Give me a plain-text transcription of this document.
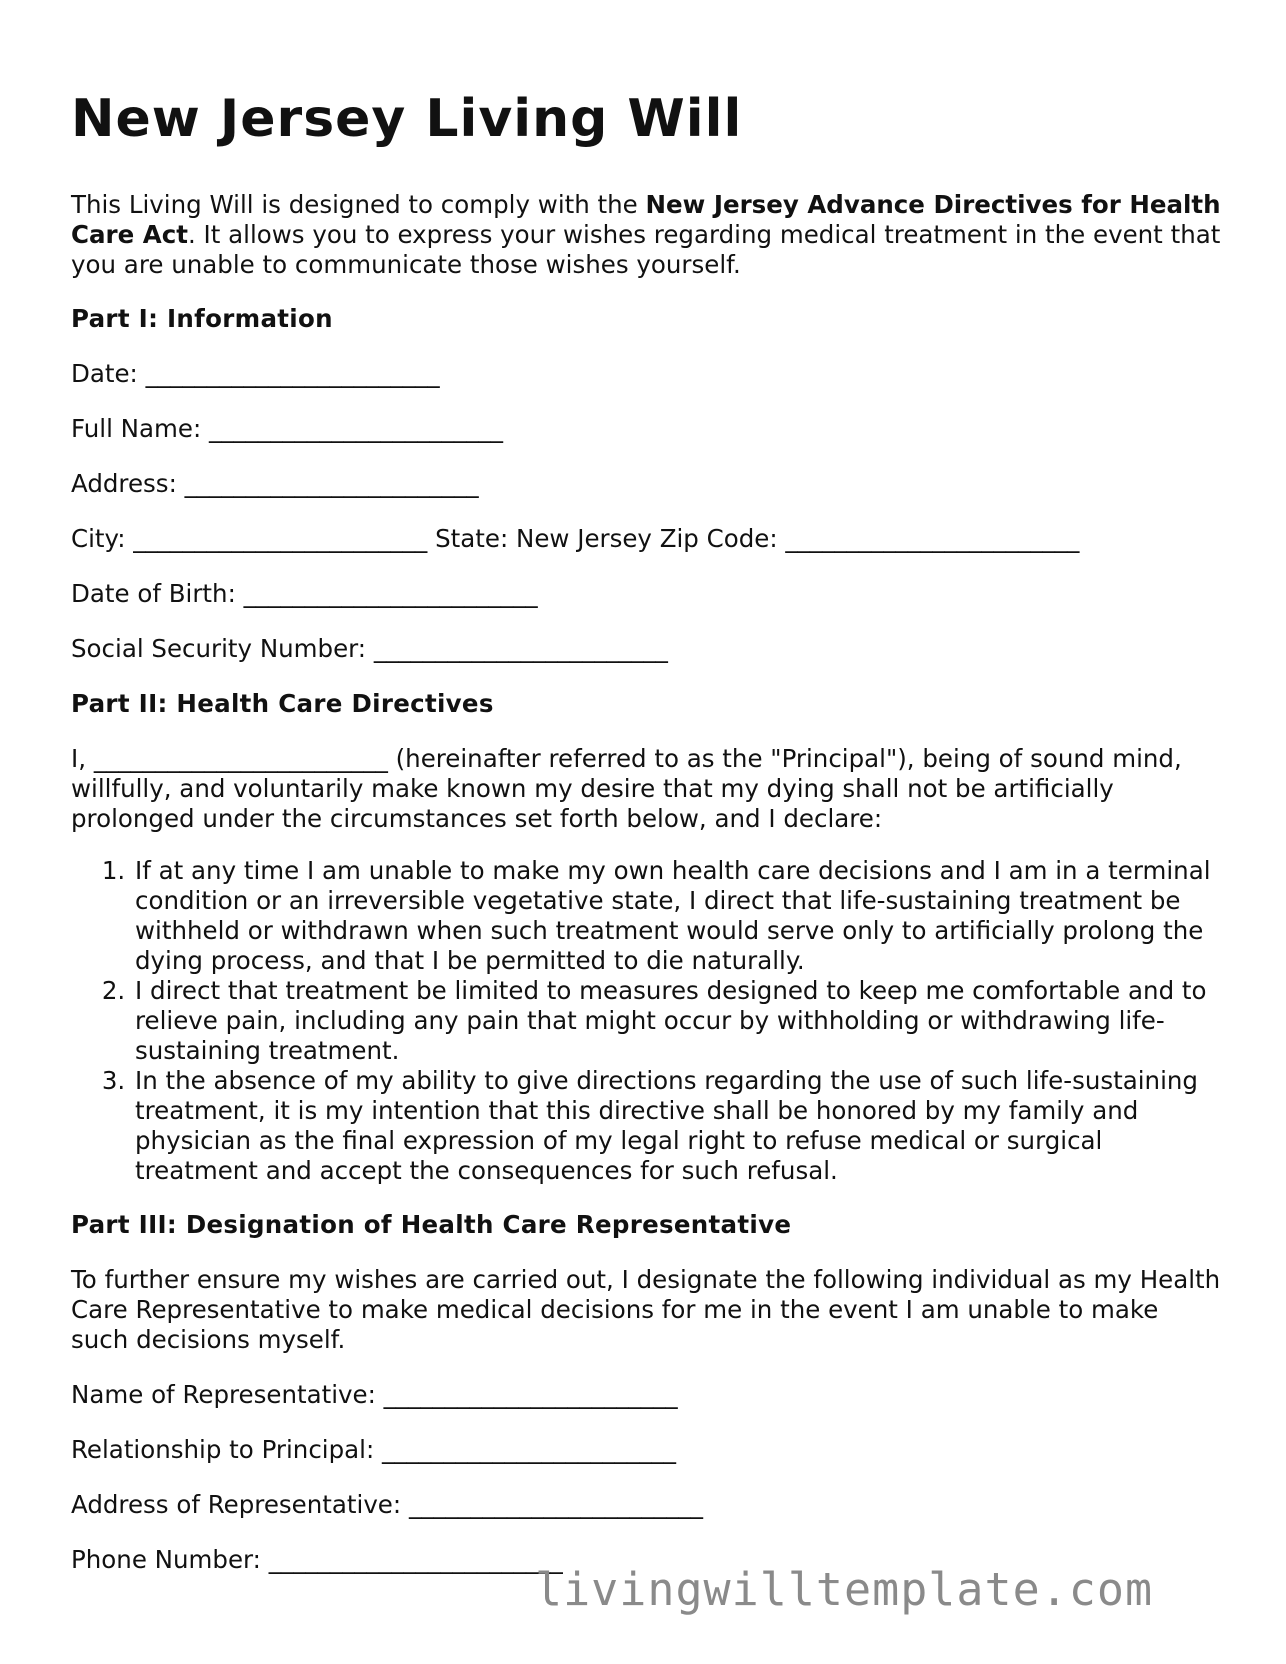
New Jersey Living Will

This Living Will is designed to comply with the New Jersey Advance Directives for Health Care Act. It allows you to express your wishes regarding medical treatment in the event that you are unable to communicate those wishes yourself.

Part I: Information
Date: ________________________
Full Name: ________________________
Address: ________________________
City: ________________________ State: New Jersey Zip Code: ________________________
Date of Birth: ________________________
Social Security Number: ________________________
Part II: Health Care Directives

I, ________________________ (hereinafter referred to as the "Principal"), being of sound mind, willfully, and voluntarily make known my desire that my dying shall not be artificially prolonged under the circumstances set forth below, and I declare:

1. If at any time I am unable to make my own health care decisions and I am in a terminal condition or an irreversible vegetative state, I direct that life-sustaining treatment be withheld or withdrawn when such treatment would serve only to artificially prolong the dying process, and that I be permitted to die naturally.
2. I direct that treatment be limited to measures designed to keep me comfortable and to relieve pain, including any pain that might occur by withholding or withdrawing life-sustaining treatment.
3. In the absence of my ability to give directions regarding the use of such life-sustaining treatment, it is my intention that this directive shall be honored by my family and physician as the final expression of my legal right to refuse medical or surgical treatment and accept the consequences for such refusal.
Part III: Designation of Health Care Representative

To further ensure my wishes are carried out, I designate the following individual as my Health Care Representative to make medical decisions for me in the event I am unable to make such decisions myself.

Name of Representative: ________________________
Relationship to Principal: ________________________
Address of Representative: ________________________
Phone Number: ________________________
livingwilltemplate.com
